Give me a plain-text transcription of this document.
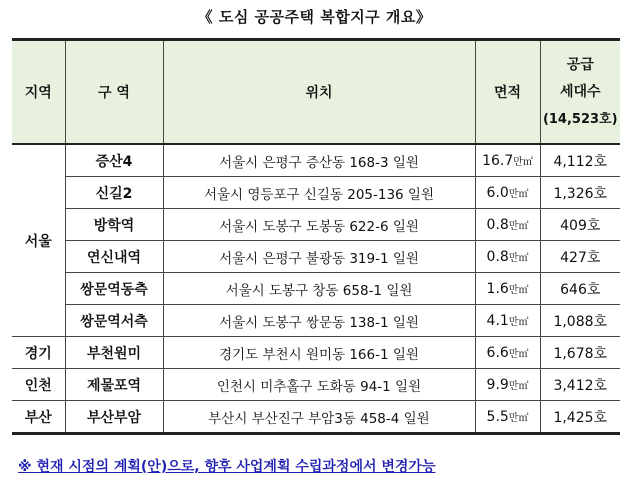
《 도심 공공주택 복합지구 개요》
지역	구 역	위치	면적	공급
세대수
(14,523호)

서울	증산4	서울시 은평구 증산동 168-3 일원	16.7만㎡	4,112호
	신길2	서울시 영등포구 신길동 205-136 일원	6.0만㎡	1,326호
	방학역	서울시 도봉구 도봉동 622-6 일원	0.8만㎡	409호
	연신내역	서울시 은평구 불광동 319-1 일원	0.8만㎡	427호
	쌍문역동측	서울시 도봉구 창동 658-1 일원	1.6만㎡	646호
	쌍문역서측	서울시 도봉구 쌍문동 138-1 일원	4.1만㎡	1,088호
경기	부천원미	경기도 부천시 원미동 166-1 일원	6.6만㎡	1,678호
인천	제물포역	인천시 미추홀구 도화동 94-1 일원	9.9만㎡	3,412호
부산	부산부암	부산시 부산진구 부암3동 458-4 일원	5.5만㎡	1,425호
※ 현재 시점의 계획(안)으로, 향후 사업계획 수립과정에서 변경가능
